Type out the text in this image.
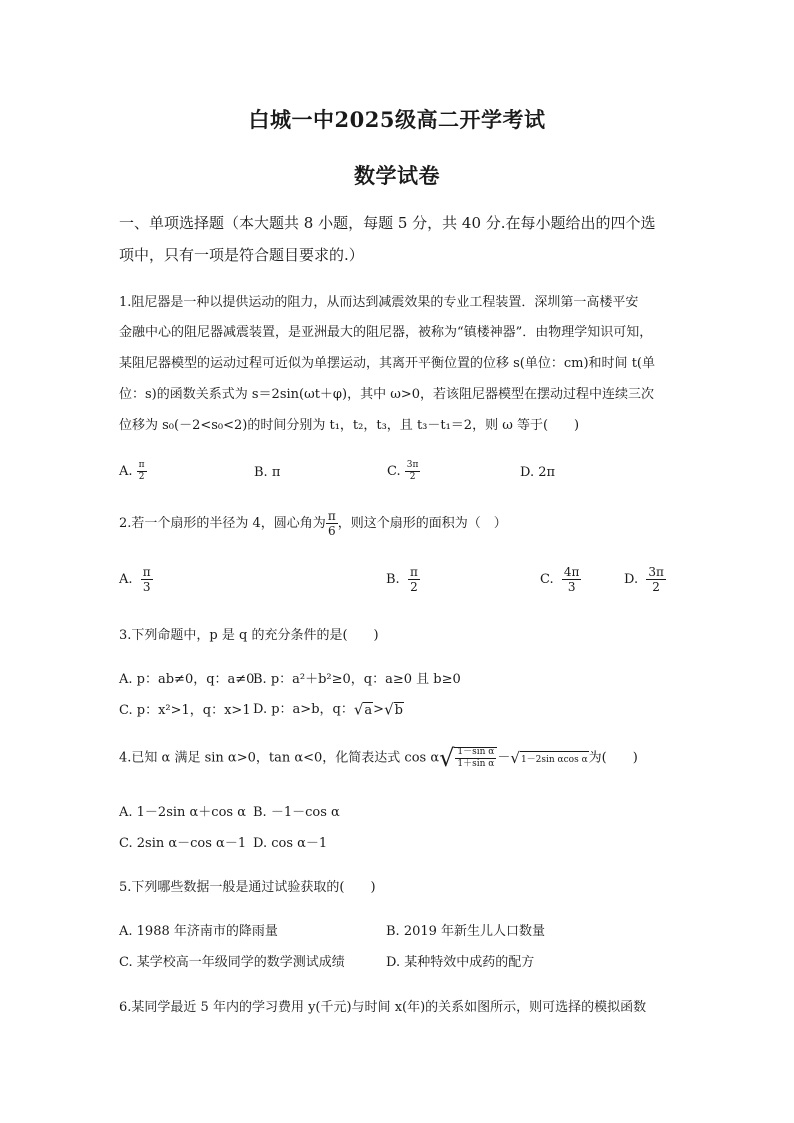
白城一中2025级高二开学考试
数学试卷
一、单项选择题（本大题共 8 小题，每题 5 分，共 40 分.在每小题给出的四个选
项中，只有一项是符合题目要求的.）
1.阻尼器是一种以提供运动的阻力，从而达到减震效果的专业工程装置．深圳第一高楼平安
金融中心的阻尼器减震装置，是亚洲最大的阻尼器，被称为“镇楼神器”．由物理学知识可知，
某阻尼器模型的运动过程可近似为单摆运动，其离开平衡位置的位移 s(单位：cm)和时间 t(单
位：s)的函数关系式为 s＝2sin(ωt＋φ)，其中 ω>0，若该阻尼器模型在摆动过程中连续三次
位移为 s₀(－2<s₀<2)的时间分别为 t₁，t₂，t₃，且 t₃－t₁＝2，则 ω 等于(　　)
A. $\frac{\pi}{2}$	B. π	C. $\frac{3\pi}{2}$	D. 2π
2.若一个扇形的半径为 4，圆心角为 $\frac{\pi}{6}$ ，则这个扇形的面积为（　）
A. $\frac{\pi}{3}$	B. $\frac{\pi}{2}$	C. $\frac{4\pi}{3}$	D. $\frac{3\pi}{2}$
3.下列命题中，p 是 q 的充分条件的是(　　)
A. p：ab≠0，q：a≠0
B. p：a²＋b²≥0，q：a≥0 且 b≥0
C. p：x²>1，q：x>1 D. p：a>b，q：√a>√b
4.已知 α 满足 sin α>0，tan α<0，化简表达式 $\cos \alpha√ \frac{\text{1－sin α}}{\text{1＋sin α}} -√1-2\sin$ αcos α为(　　)
A. 1－2sin α＋cos α B. －1－cos α
C. 2sin α－cos α－1 D. cos α－1
5.下列哪些数据一般是通过试验获取的(　　)
A. 1988 年济南市的降雨量	B. 2019 年新生儿人口数量
C. 某学校高一年级同学的数学测试成绩	D. 某种特效中成药的配方
6.某同学最近 5 年内的学习费用 y(千元)与时间 x(年)的关系如图所示，则可选择的模拟函数
